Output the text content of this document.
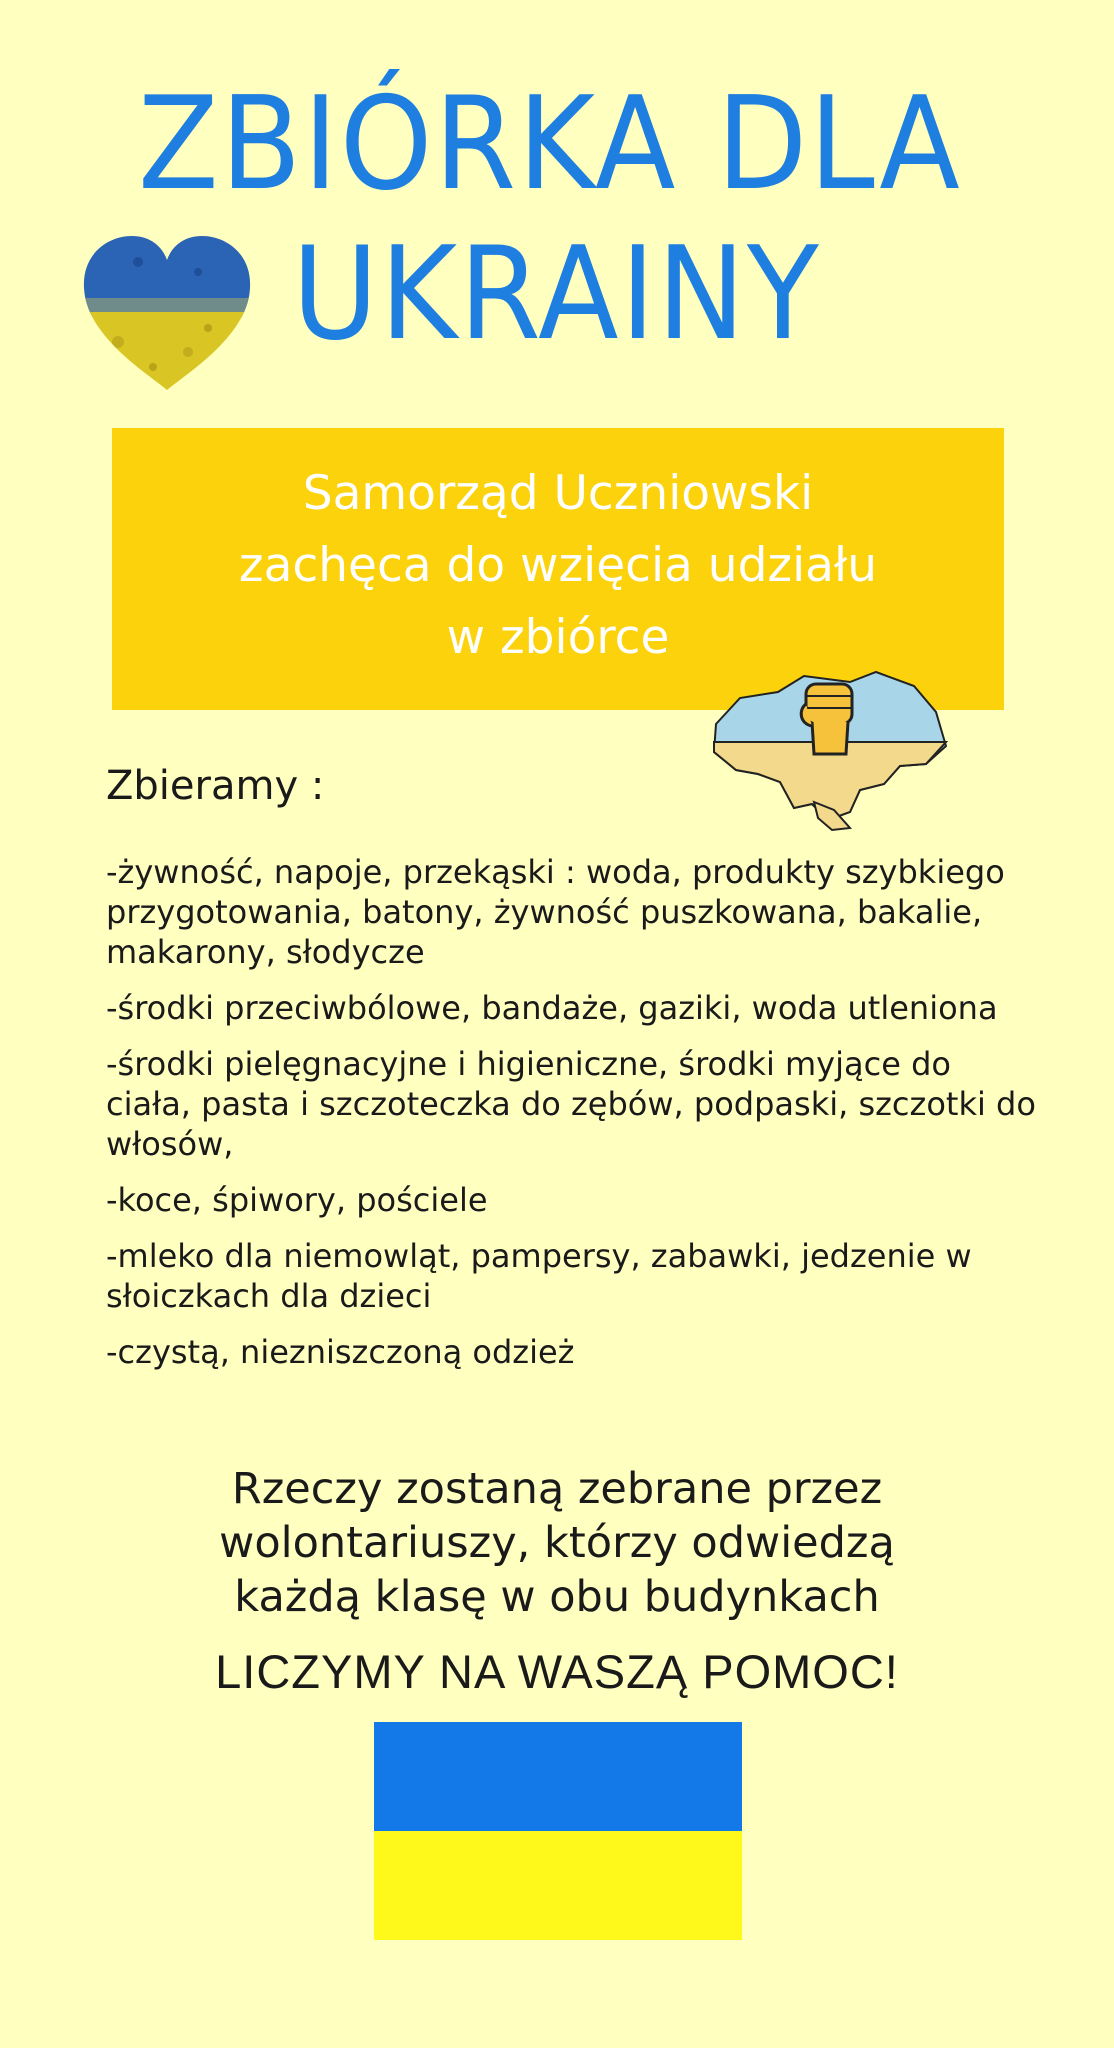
ZBIÓRKA DLA
UKRAINY

Samorząd Uczniowski
zachęca do wzięcia udziału
w zbiórce

Zbieramy :
-żywność, napoje, przekąski : woda, produkty szybkiego przygotowania, batony, żywność puszkowana, bakalie, makarony, słodycze
-środki przeciwbólowe, bandaże, gaziki, woda utleniona
-środki pielęgnacyjne i higieniczne, środki myjące do ciała, pasta i szczoteczka do zębów, podpaski, szczotki do włosów,
-koce, śpiwory, pościele
-mleko dla niemowląt, pampersy, zabawki, jedzenie w słoiczkach dla dzieci
-czystą, niezniszczoną odzież

Rzeczy zostaną zebrane przez
wolontariuszy, którzy odwiedzą
każdą klasę w obu budynkach

LICZYMY NA WASZĄ POMOC!
